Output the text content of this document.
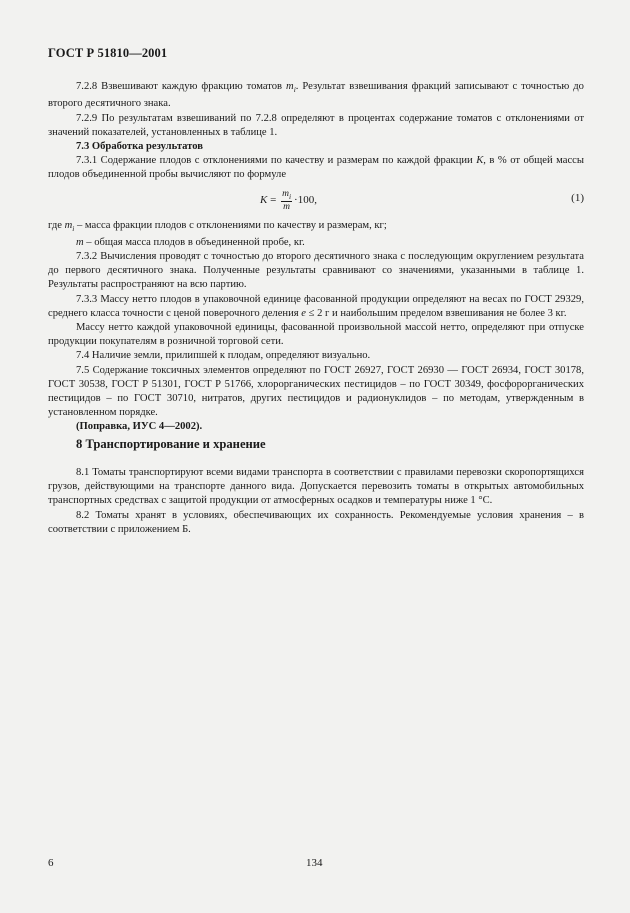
ГОСТ Р 51810—2001

7.2.8 Взвешивают каждую фракцию томатов $m_i$. Результат взвешивания фракций записывают с точностью до второго десятичного знака.

7.2.9 По результатам взвешиваний по 7.2.8 определяют в процентах содержание томатов с отклонениями от значений показателей, установленных в таблице 1.

7.3 Обработка результатов

7.3.1 Содержание плодов с отклонениями по качеству и размерам по каждой фракции K, в % от общей массы плодов объединенной пробы вычисляют по формуле

$K = \frac{m_i}{m} \cdot 100$,	(1)

где $m_i$ – масса фракции плодов с отклонениями по качеству и размерам, кг;

m – общая масса плодов в объединенной пробе, кг.

7.3.2 Вычисления проводят с точностью до второго десятичного знака с последующим округлением результата до первого десятичного знака. Полученные результаты сравнивают со значениями, указанными в таблице 1. Результаты распространяют на всю партию.

7.3.3 Массу нетто плодов в упаковочной единице фасованной продукции определяют на весах по ГОСТ 29329, среднего класса точности с ценой поверочного деления e ≤ 2 г и наибольшим пределом взвешивания не более 3 кг.

Массу нетто каждой упаковочной единицы, фасованной произвольной массой нетто, определяют при отпуске продукции покупателям в розничной торговой сети.

7.4 Наличие земли, прилипшей к плодам, определяют визуально.

7.5 Содержание токсичных элементов определяют по ГОСТ 26927, ГОСТ 26930 — ГОСТ 26934, ГОСТ 30178, ГОСТ 30538, ГОСТ Р 51301, ГОСТ Р 51766, хлорорганических пестицидов – по ГОСТ 30349, фосфорорганических пестицидов – по ГОСТ 30710, нитратов, других пестицидов и радионуклидов – по методам, утвержденным в установленном порядке.

(Поправка, ИУС 4—2002).

8 Транспортирование и хранение

8.1 Томаты транспортируют всеми видами транспорта в соответствии с правилами перевозки скоропортящихся грузов, действующими на транспорте данного вида. Допускается перевозить томаты в открытых автомобильных транспортных средствах с защитой продукции от атмосферных осадков и температуры ниже 1 °С.

8.2 Томаты хранят в условиях, обеспечивающих их сохранность. Рекомендуемые условия хранения – в соответствии с приложением Б.

6	134
